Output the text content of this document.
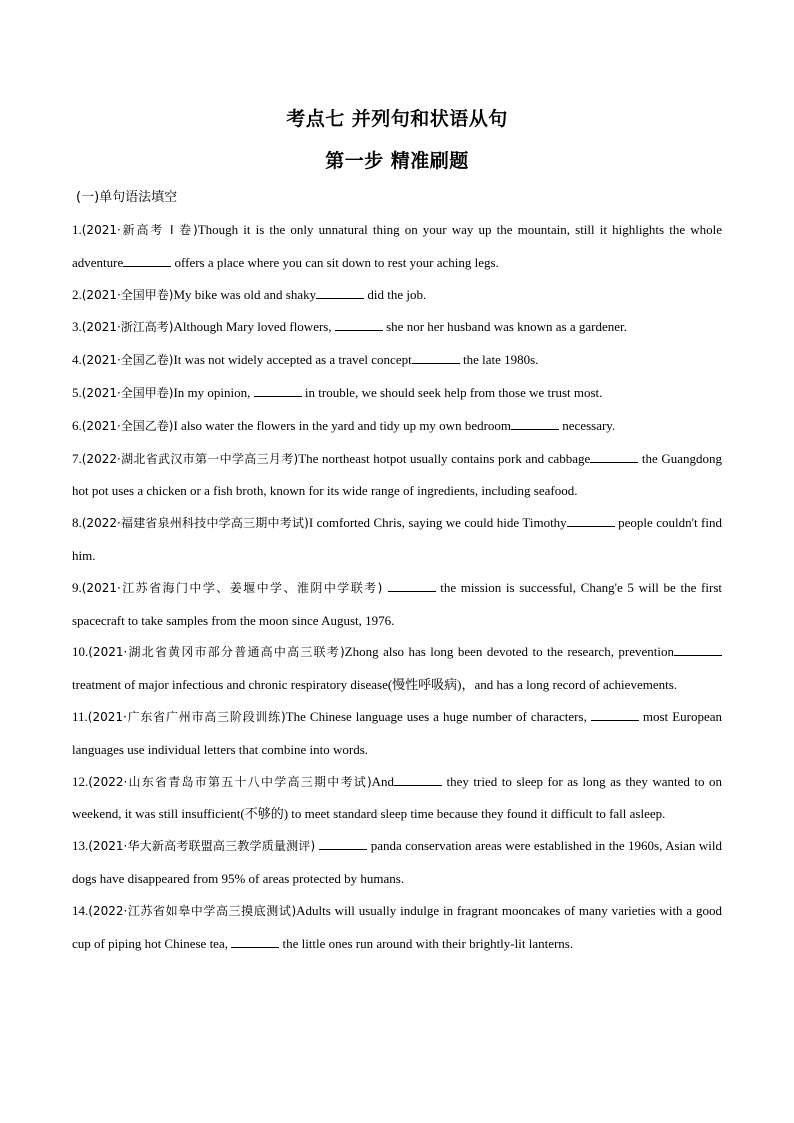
考点七 并列句和状语从句
第一步 精准刷题
(一)单句语法填空

1.(2021·新高考 I 卷)Though it is the only unnatural thing on your way up the mountain, still it highlights the whole adventure	offers a place where you can sit down to rest your aching legs.

2.(2021·全国甲卷)My bike was old and shaky	did the job.

3.(2021·浙江高考)Although Mary loved flowers,	she nor her husband was known as a gardener.

4.(2021·全国乙卷)It was not widely accepted as a travel concept	the late 1980s.

5.(2021·全国甲卷)In my opinion,	in trouble, we should seek help from those we trust most.

6.(2021·全国乙卷)I also water the flowers in the yard and tidy up my own bedroom	necessary.

7.(2022·湖北省武汉市第一中学高三月考)The northeast hotpot usually contains pork and cabbage	the Guangdong hot pot uses a chicken or a fish broth, known for its wide range of ingredients, including seafood.

8.(2022·福建省泉州科技中学高三期中考试)I comforted Chris, saying we could hide Timothy	people couldn't find him.

9.(2021·江苏省海门中学、姜堰中学、淮阴中学联考)	the mission is successful, Chang'e 5 will be the first spacecraft to take samples from the moon since August, 1976.

10.(2021·湖北省黄冈市部分普通高中高三联考)Zhong also has long been devoted to the research, prevention treatment of major infectious and chronic respiratory disease(慢性呼吸病)，and has a long record of achievements.

11.(2021·广东省广州市高三阶段训练)The Chinese language uses a huge number of characters,	most European languages use individual letters that combine into words.

12.(2022·山东省青岛市第五十八中学高三期中考试)And	they tried to sleep for as long as they wanted to on weekend, it was still insufficient(不够的) to meet standard sleep time because they found it difficult to fall asleep.

13.(2021·华大新高考联盟高三教学质量测评)	panda conservation areas were established in the 1960s, Asian wild dogs have disappeared from 95% of areas protected by humans.

14.(2022·江苏省如皋中学高三摸底测试)Adults will usually indulge in fragrant mooncakes of many varieties with a good cup of piping hot Chinese tea,	the little ones run around with their brightly-lit lanterns.
